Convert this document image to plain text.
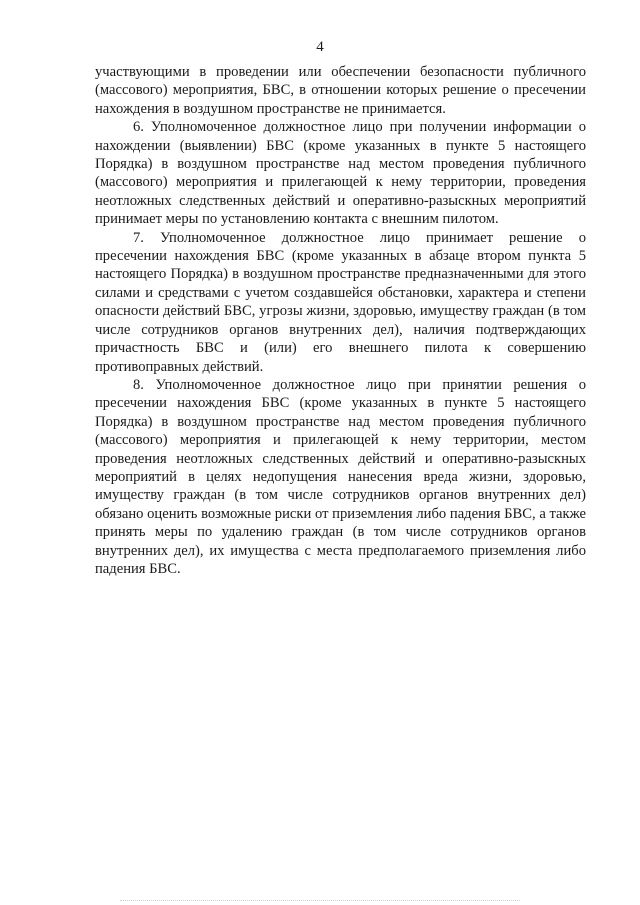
4

участвующими в проведении или обеспечении безопасности публичного (массового) мероприятия, БВС, в отношении которых решение о пресечении нахождения в воздушном пространстве не принимается.

6. Уполномоченное должностное лицо при получении информации о нахождении (выявлении) БВС (кроме указанных в пункте 5 настоящего Порядка) в воздушном пространстве над местом проведения публичного (массового) мероприятия и прилегающей к нему территории, проведения неотложных следственных действий и оперативно-разыскных мероприятий принимает меры по установлению контакта с внешним пилотом.

7. Уполномоченное должностное лицо принимает решение о пресечении нахождения БВС (кроме указанных в абзаце втором пункта 5 настоящего Порядка) в воздушном пространстве предназначенными для этого силами и средствами с учетом создавшейся обстановки, характера и степени опасности действий БВС, угрозы жизни, здоровью, имуществу граждан (в том числе сотрудников органов внутренних дел), наличия подтверждающих причастность БВС и (или) его внешнего пилота к совершению противоправных действий.

8. Уполномоченное должностное лицо при принятии решения о пресечении нахождения БВС (кроме указанных в пункте 5 настоящего Порядка) в воздушном пространстве над местом проведения публичного (массового) мероприятия и прилегающей к нему территории, местом проведения неотложных следственных действий и оперативно-разыскных мероприятий в целях недопущения нанесения вреда жизни, здоровью, имуществу граждан (в том числе сотрудников органов внутренних дел) обязано оценить возможные риски от приземления либо падения БВС, а также принять меры по удалению граждан (в том числе сотрудников органов внутренних дел), их имущества с места предполагаемого приземления либо падения БВС.
